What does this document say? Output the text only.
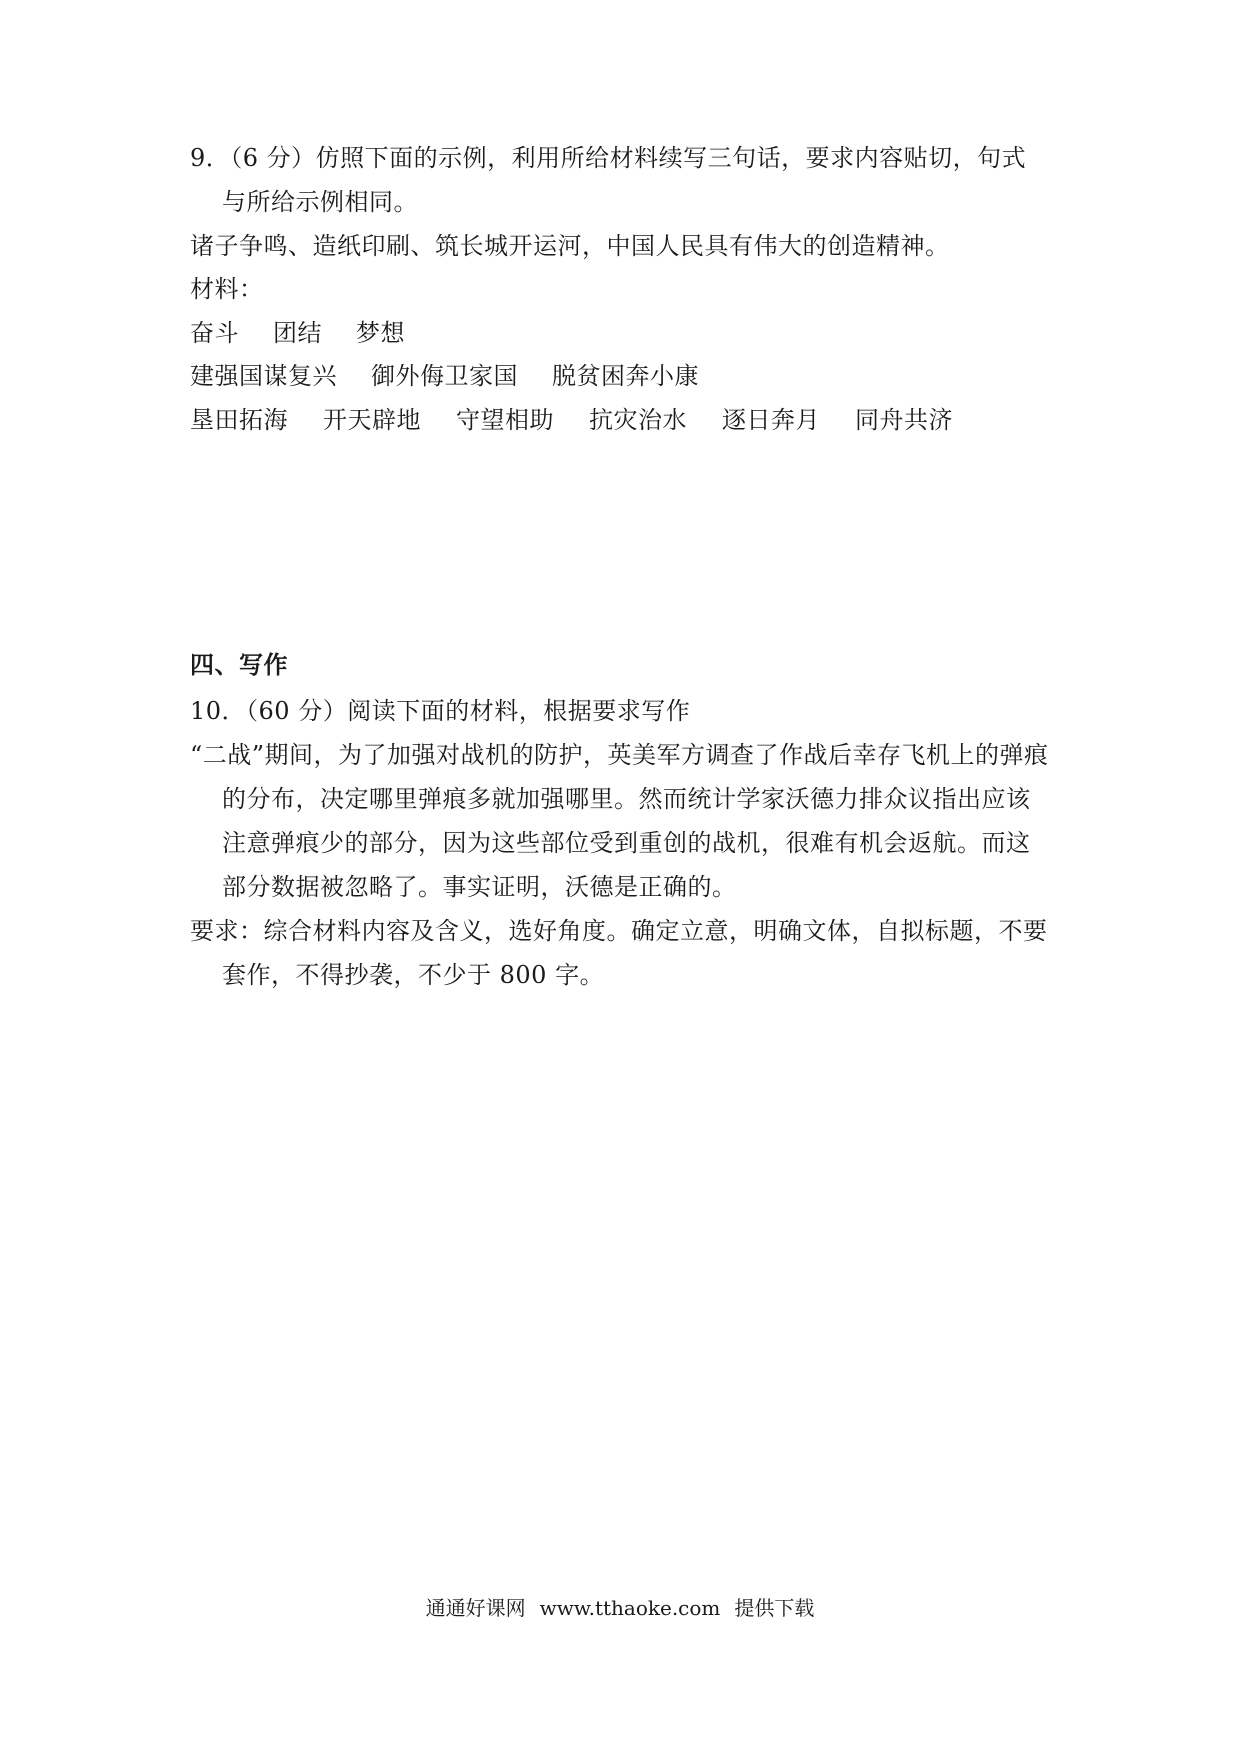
9．（6 分）仿照下面的示例，利用所给材料续写三句话，要求内容贴切，句式
与所给示例相同。
诸子争鸣、造纸印刷、筑长城开运河，中国人民具有伟大的创造精神。
材料：
奋斗 团结 梦想
建强国谋复兴 御外侮卫家国 脱贫困奔小康
垦田拓海 开天辟地 守望相助 抗灾治水 逐日奔月 同舟共济
四、写作
10．（60 分）阅读下面的材料，根据要求写作
“二战”期间，为了加强对战机的防护，英美军方调查了作战后幸存飞机上的弹痕
的分布，决定哪里弹痕多就加强哪里。然而统计学家沃德力排众议指出应该
注意弹痕少的部分，因为这些部位受到重创的战机，很难有机会返航。而这
部分数据被忽略了。事实证明，沃德是正确的。
要求：综合材料内容及含义，选好角度。确定立意，明确文体，自拟标题，不要
套作，不得抄袭，不少于 800 字。
通通好课网 www.tthaoke.com 提供下载
